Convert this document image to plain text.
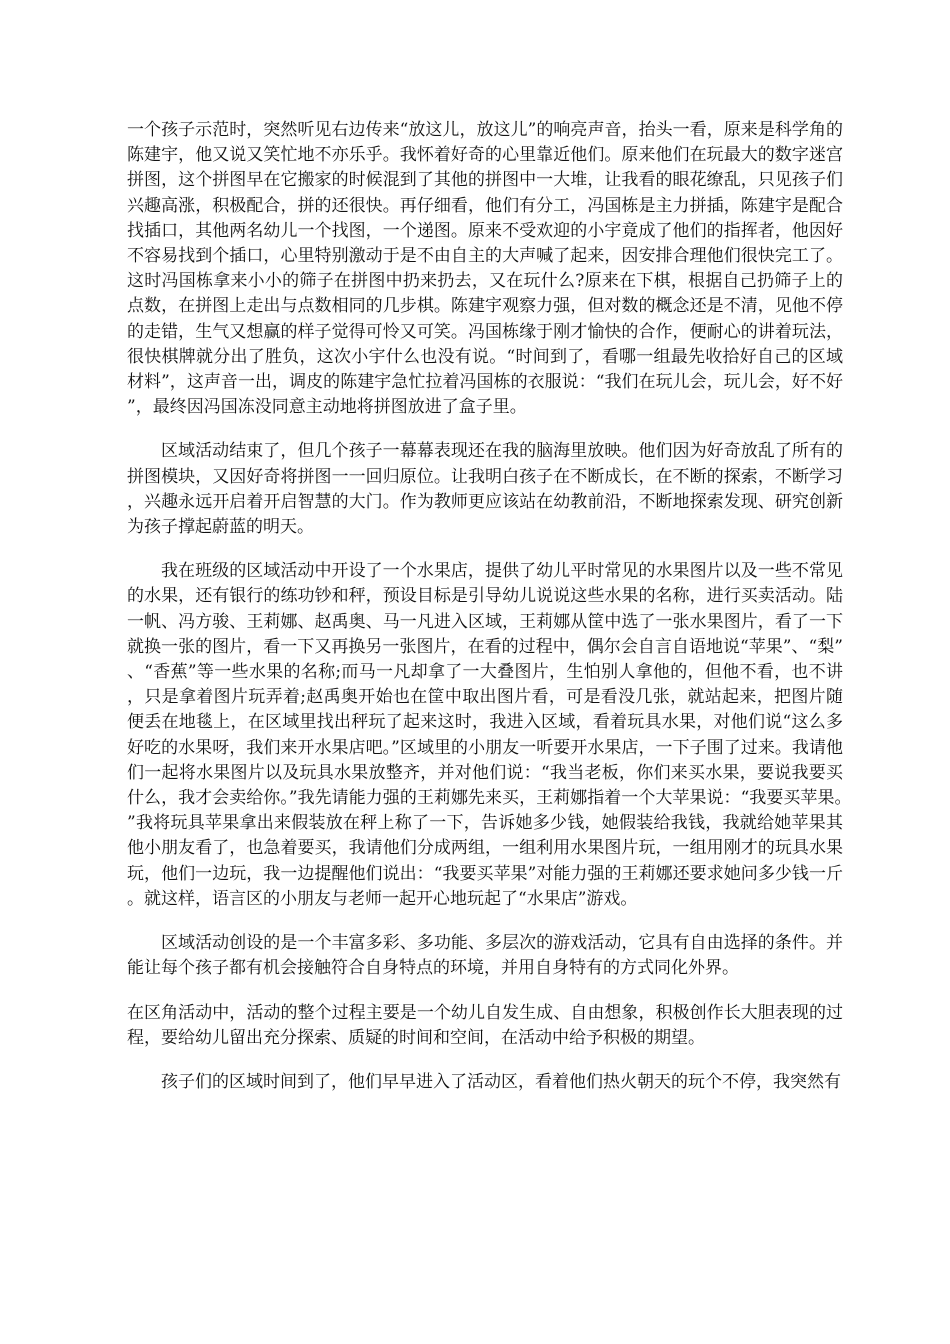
一个孩子示范时，突然听见右边传来“放这儿，放这儿”的响亮声音，抬头一看，原来是科学角的陈建宇，他又说又笑忙地不亦乐乎。我怀着好奇的心里靠近他们。原来他们在玩最大的数字迷宫拼图，这个拼图早在它搬家的时候混到了其他的拼图中一大堆，让我看的眼花缭乱，只见孩子们兴趣高涨，积极配合，拼的还很快。再仔细看，他们有分工，冯国栋是主力拼插，陈建宇是配合找插口，其他两名幼儿一个找图，一个递图。原来不受欢迎的小宇竟成了他们的指挥者，他因好不容易找到个插口，心里特别激动于是不由自主的大声喊了起来，因安排合理他们很快完工了。这时冯国栋拿来小小的筛子在拼图中扔来扔去，又在玩什么?原来在下棋，根据自己扔筛子上的点数，在拼图上走出与点数相同的几步棋。陈建宇观察力强，但对数的概念还是不清，见他不停的走错，生气又想赢的样子觉得可怜又可笑。冯国栋缘于刚才愉快的合作，便耐心的讲着玩法，很快棋牌就分出了胜负，这次小宇什么也没有说。“时间到了，看哪一组最先收拾好自己的区域材料”，这声音一出，调皮的陈建宇急忙拉着冯国栋的衣服说：“我们在玩儿会，玩儿会，好不好”，最终因冯国冻没同意主动地将拼图放进了盒子里。

区域活动结束了，但几个孩子一幕幕表现还在我的脑海里放映。他们因为好奇放乱了所有的拼图模块，又因好奇将拼图一一回归原位。让我明白孩子在不断成长，在不断的探索，不断学习，兴趣永远开启着开启智慧的大门。作为教师更应该站在幼教前沿，不断地探索发现、研究创新为孩子撑起蔚蓝的明天。

我在班级的区域活动中开设了一个水果店，提供了幼儿平时常见的水果图片以及一些不常见的水果，还有银行的练功钞和秤，预设目标是引导幼儿说说这些水果的名称，进行买卖活动。陆一帆、冯方骏、王莉娜、赵禹奥、马一凡进入区域，王莉娜从筐中选了一张水果图片，看了一下就换一张的图片，看一下又再换另一张图片，在看的过程中，偶尔会自言自语地说“苹果”、“梨”、“香蕉”等一些水果的名称;而马一凡却拿了一大叠图片，生怕别人拿他的，但他不看，也不讲，只是拿着图片玩弄着;赵禹奥开始也在筐中取出图片看，可是看没几张，就站起来，把图片随便丢在地毯上，在区域里找出秤玩了起来这时，我进入区域，看着玩具水果，对他们说“这么多好吃的水果呀，我们来开水果店吧。”区域里的小朋友一听要开水果店，一下子围了过来。我请他们一起将水果图片以及玩具水果放整齐，并对他们说：“我当老板，你们来买水果，要说我要买什么，我才会卖给你。”我先请能力强的王莉娜先来买，王莉娜指着一个大苹果说：“我要买苹果。”我将玩具苹果拿出来假装放在秤上称了一下，告诉她多少钱，她假装给我钱，我就给她苹果其他小朋友看了，也急着要买，我请他们分成两组，一组利用水果图片玩，一组用刚才的玩具水果玩，他们一边玩，我一边提醒他们说出：“我要买苹果”对能力强的王莉娜还要求她问多少钱一斤。就这样，语言区的小朋友与老师一起开心地玩起了“水果店”游戏。

区域活动创设的是一个丰富多彩、多功能、多层次的游戏活动，它具有自由选择的条件。并能让每个孩子都有机会接触符合自身特点的环境，并用自身特有的方式同化外界。

在区角活动中，活动的整个过程主要是一个幼儿自发生成、自由想象，积极创作长大胆表现的过程，要给幼儿留出充分探索、质疑的时间和空间，在活动中给予积极的期望。

孩子们的区域时间到了，他们早早进入了活动区，看着他们热火朝天的玩个不停，我突然有
